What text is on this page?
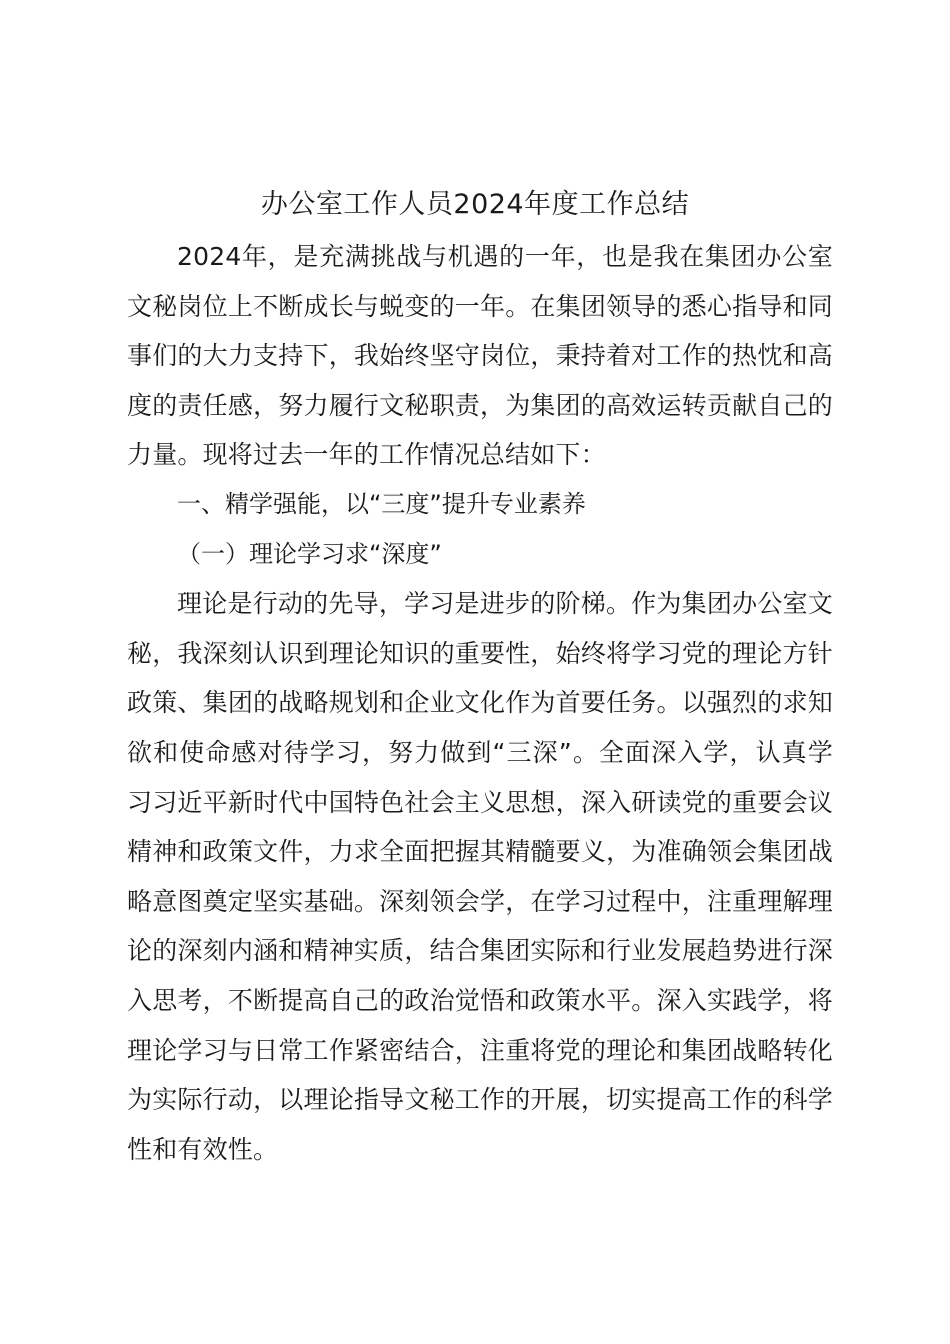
办公室工作人员2024年度工作总结

2024年，是充满挑战与机遇的一年，也是我在集团办公室文秘岗位上不断成长与蜕变的一年。在集团领导的悉心指导和同事们的大力支持下，我始终坚守岗位，秉持着对工作的热忱和高度的责任感，努力履行文秘职责，为集团的高效运转贡献自己的力量。现将过去一年的工作情况总结如下：

一、精学强能，以“三度”提升专业素养

（一）理论学习求“深度”

理论是行动的先导，学习是进步的阶梯。作为集团办公室文秘，我深刻认识到理论知识的重要性，始终将学习党的理论方针政策、集团的战略规划和企业文化作为首要任务。以强烈的求知欲和使命感对待学习，努力做到“三深”。全面深入学，认真学习习近平新时代中国特色社会主义思想，深入研读党的重要会议精神和政策文件，力求全面把握其精髓要义，为准确领会集团战略意图奠定坚实基础。深刻领会学，在学习过程中，注重理解理论的深刻内涵和精神实质，结合集团实际和行业发展趋势进行深入思考，不断提高自己的政治觉悟和政策水平。深入实践学，将理论学习与日常工作紧密结合，注重将党的理论和集团战略转化为实际行动，以理论指导文秘工作的开展，切实提高工作的科学性和有效性。
